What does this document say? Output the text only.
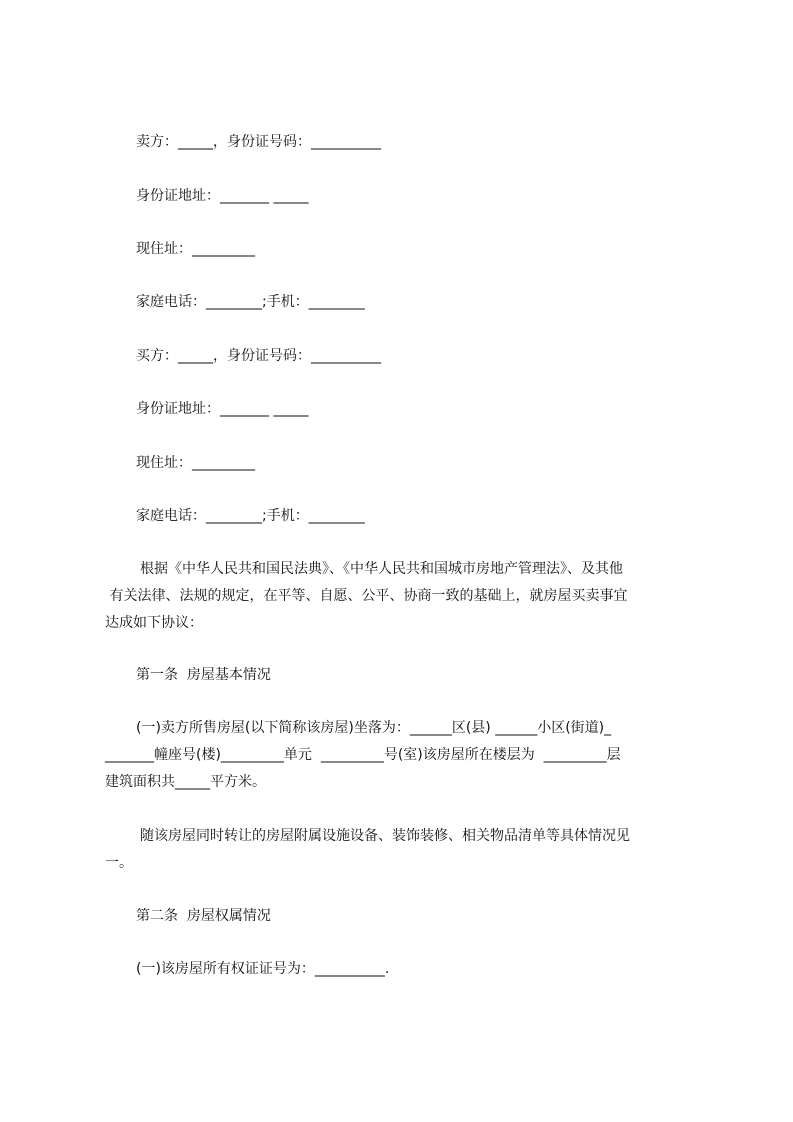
卖方：_____，身份证号码：__________
身份证地址：_______ _____
现住址：_________
家庭电话：________;手机：________
买方：_____，身份证号码：__________
身份证地址：_______ _____
现住址：_________
家庭电话：________;手机：________
根据《中华人民共和国民法典》、《中华人民共和国城市房地产管理法》、及其他
有关法律、法规的规定，在平等、自愿、公平、协商一致的基础上，就房屋买卖事宜
达成如下协议：
第一条  房屋基本情况
(一)卖方所售房屋(以下简称该房屋)坐落为：______区(县) ______小区(街道)_
_______幢座号(楼)_________单元  _________号(室)该房屋所在楼层为  _________层
建筑面积共_____平方米。
随该房屋同时转让的房屋附属设施设备、装饰装修、相关物品清单等具体情况见
一。
第二条  房屋权属情况
(一)该房屋所有权证证号为：__________.
